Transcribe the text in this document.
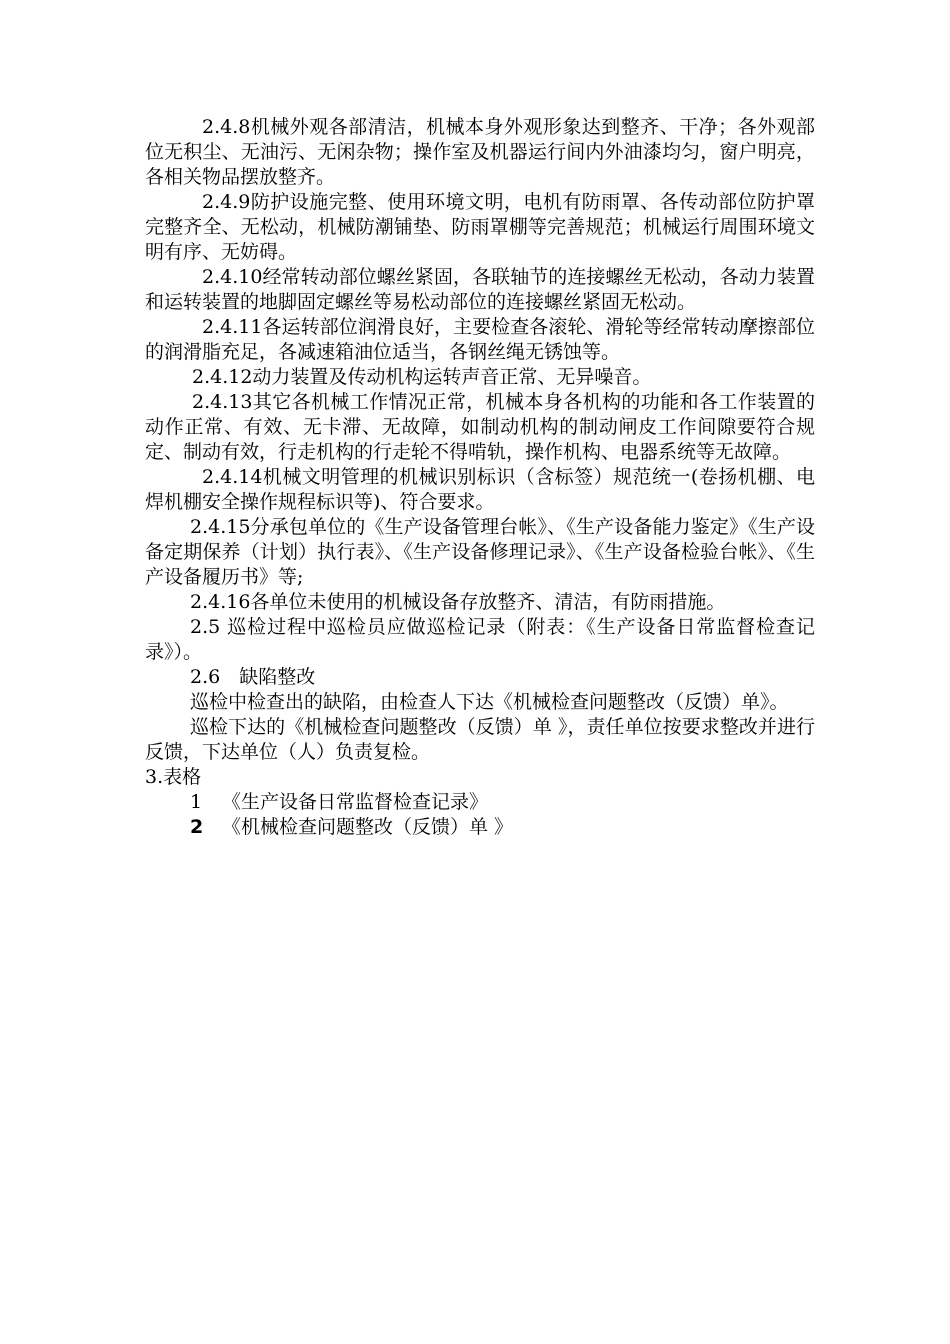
2.4.8机械外观各部清洁，机械本身外观形象达到整齐、干净；各外观部位无积尘、无油污、无闲杂物；操作室及机器运行间内外油漆均匀，窗户明亮，各相关物品摆放整齐。

2.4.9防护设施完整、使用环境文明，电机有防雨罩、各传动部位防护罩完整齐全、无松动，机械防潮铺垫、防雨罩棚等完善规范；机械运行周围环境文明有序、无妨碍。

2.4.10经常转动部位螺丝紧固，各联轴节的连接螺丝无松动，各动力装置和运转装置的地脚固定螺丝等易松动部位的连接螺丝紧固无松动。

2.4.11各运转部位润滑良好，主要检查各滚轮、滑轮等经常转动摩擦部位的润滑脂充足，各减速箱油位适当，各钢丝绳无锈蚀等。

2.4.12动力装置及传动机构运转声音正常、无异噪音。

2.4.13其它各机械工作情况正常，机械本身各机构的功能和各工作装置的动作正常、有效、无卡滞、无故障，如制动机构的制动闸皮工作间隙要符合规定、制动有效，行走机构的行走轮不得啃轨，操作机构、电器系统等无故障。

2.4.14机械文明管理的机械识别标识（含标签）规范统一(卷扬机棚、电焊机棚安全操作规程标识等)、符合要求。

2.4.15分承包单位的《生产设备管理台帐》、《生产设备能力鉴定》《生产设备定期保养（计划）执行表》、《生产设备修理记录》、《生产设备检验台帐》、《生产设备履历书》等;

2.4.16各单位未使用的机械设备存放整齐、清洁，有防雨措施。

2.5 巡检过程中巡检员应做巡检记录（附表：《生产设备日常监督检查记录》）。

2.6　缺陷整改

巡检中检查出的缺陷，由检查人下达《机械检查问题整改（反馈）单》。

巡检下达的《机械检查问题整改（反馈）单 》，责任单位按要求整改并进行反馈，下达单位（人）负责复检。

3.表格

1 《生产设备日常监督检查记录》

2 《机械检查问题整改（反馈）单 》
